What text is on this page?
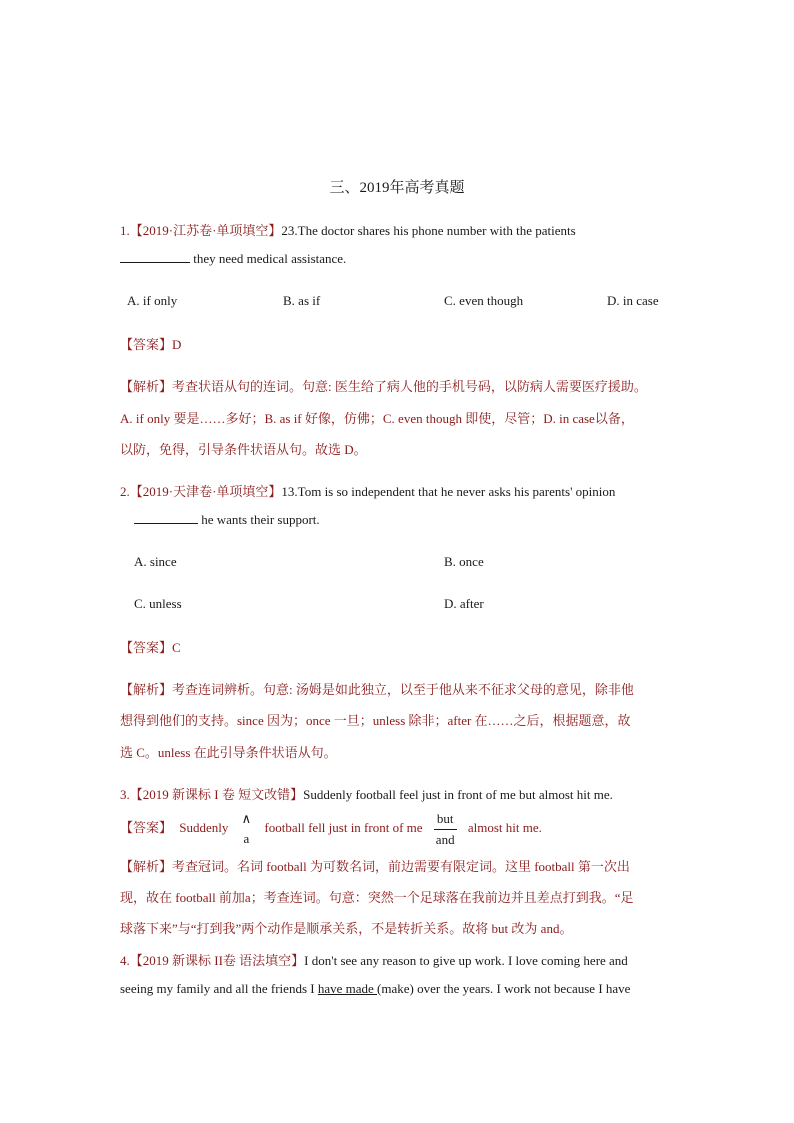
三、2019年高考真题
1.【2019·江苏卷·单项填空】23.The doctor shares his phone number with the patients
they need medical assistance.
A. if only	B. as if	C. even though	D. in case
【答案】D
【解析】考查状语从句的连词。句意: 医生给了病人他的手机号码，以防病人需要医疗援助。
A. if only 要是……多好；B. as if 好像，仿佛；C. even though 即使，尽管；D. in case以备，
以防，免得，引导条件状语从句。故选 D。
2.【2019·天津卷·单项填空】13.Tom is so independent that he never asks his parents' opinion
he wants their support.
A. since	B. once
C. unless	D. after
【答案】C
【解析】考查连词辨析。句意: 汤姆是如此独立，以至于他从来不征求父母的意见，除非他
想得到他们的支持。since 因为；once 一旦；unless 除非；after 在……之后，根据题意，故
选 C。unless 在此引导条件状语从句。
3.【2019 新课标 I 卷 短文改错】Suddenly football feel just in front of me but almost hit me.
【答案】 Suddenly
∧
a
football fell just in front of me $\frac{\text{but}}{\text{and}}$ almost hit me.
【解析】考查冠词。名词 football 为可数名词，前边需要有限定词。这里 football 第一次出
现，故在 football 前加a；考查连词。句意：突然一个足球落在我前边并且差点打到我。“足
球落下来”与“打到我”两个动作是顺承关系，不是转折关系。故将 but 改为 and。
4.【2019 新课标 II卷 语法填空】I don't see any reason to give up work. I love coming here and
seeing my family and all the friends I have made (make) over the years. I work not because I have
